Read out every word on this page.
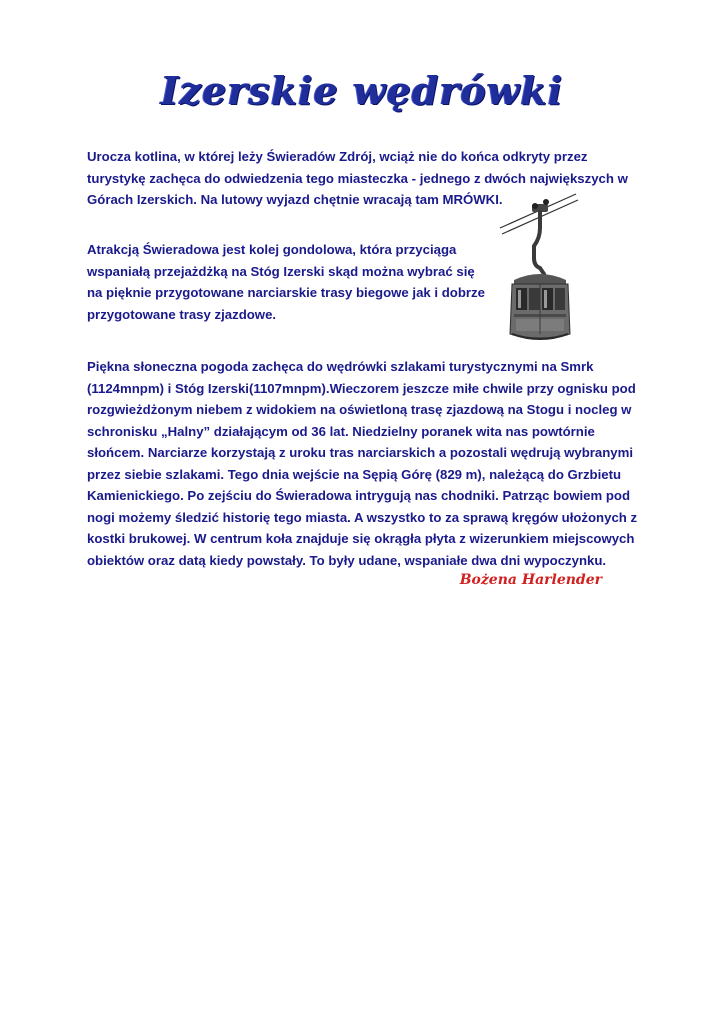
Izerskie wędrówki
Urocza kotlina, w której leży Świeradów Zdrój, wciąż nie do końca odkryty przez
turystykę zachęca do odwiedzenia tego miasteczka - jednego z dwóch największych w
Górach Izerskich. Na lutowy wyjazd chętnie wracają tam MRÓWKI.
Atrakcją Świeradowa jest kolej gondolowa, która przyciąga
wspaniałą przejażdżką na Stóg Izerski skąd można wybrać się
na pięknie przygotowane narciarskie trasy biegowe jak i dobrze
przygotowane trasy zjazdowe.
Piękna słoneczna pogoda zachęca do wędrówki szlakami turystycznymi na Smrk
(1124mnpm) i Stóg Izerski(1107mnpm).Wieczorem jeszcze miłe chwile przy ognisku pod
rozgwieżdżonym niebem z widokiem na oświetloną trasę zjazdową na Stogu i nocleg w
schronisku „Halny” działającym od 36 lat. Niedzielny poranek wita nas powtórnie
słońcem. Narciarze korzystają z uroku tras narciarskich a pozostali wędrują wybranymi
przez siebie szlakami. Tego dnia wejście na Sępią Górę (829 m), należącą do Grzbietu
Kamienickiego. Po zejściu do Świeradowa intrygują nas chodniki. Patrząc bowiem pod
nogi możemy śledzić historię tego miasta. A wszystko to za sprawą kręgów ułożonych z
kostki brukowej. W centrum koła znajduje się okrągła płyta z wizerunkiem miejscowych
obiektów oraz datą kiedy powstały. To były udane, wspaniałe dwa dni wypoczynku.

Bożena Harlender
